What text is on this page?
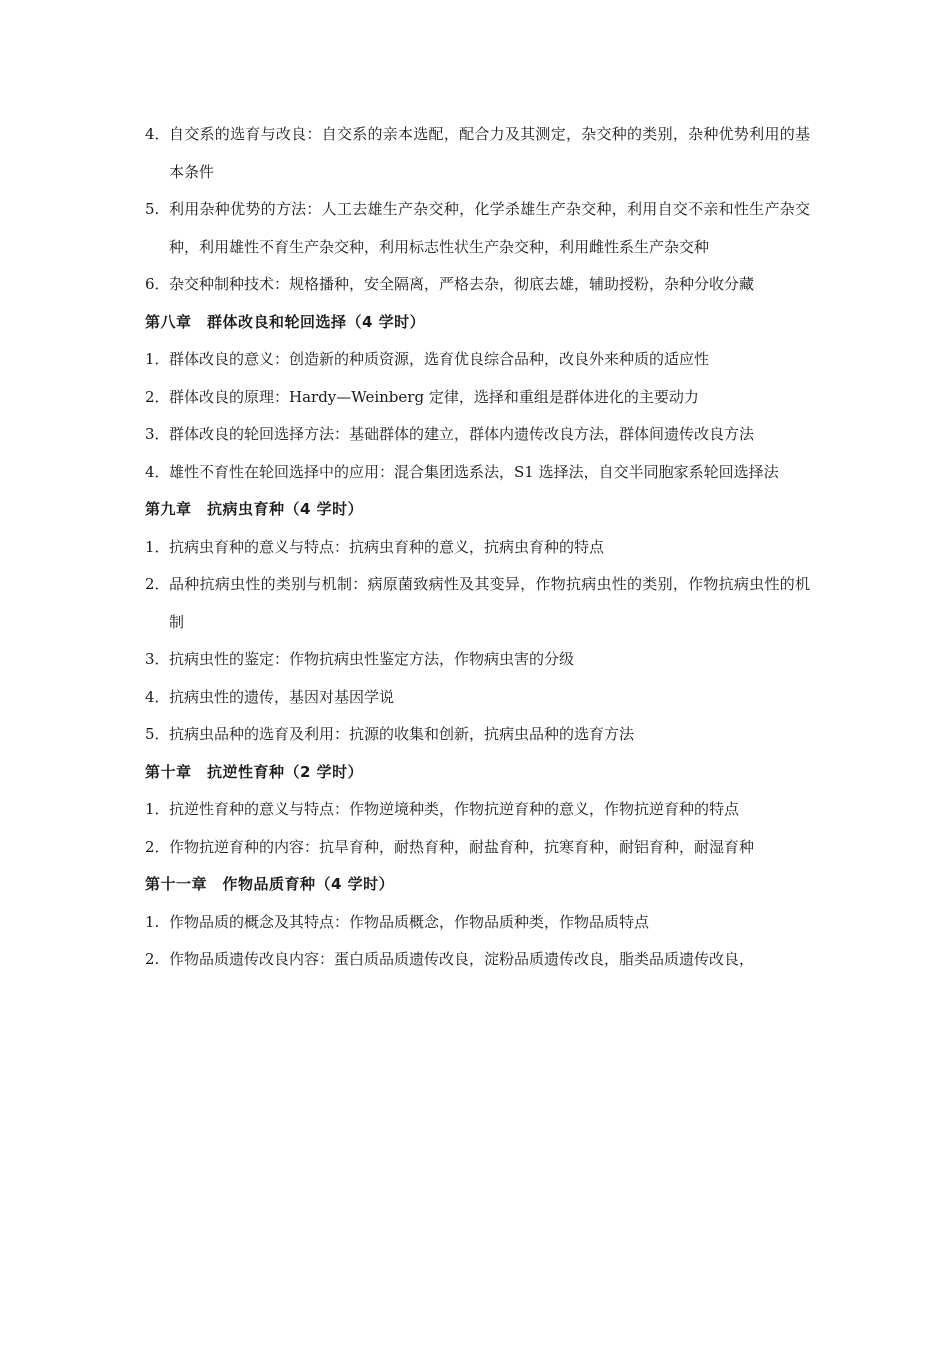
4． 自交系的选育与改良：自交系的亲本选配，配合力及其测定，杂交种的类别，杂种优势利用的基本条件
5. 利用杂种优势的方法：人工去雄生产杂交种，化学杀雄生产杂交种，利用自交不亲和性生产杂交种，利用雄性不育生产杂交种，利用标志性状生产杂交种，利用雌性系生产杂交种
6． 杂交种制种技术：规格播种，安全隔离，严格去杂，彻底去雄，辅助授粉，杂种分收分藏
第八章　群体改良和轮回选择（4 学时）
1． 群体改良的意义：创造新的种质资源，选育优良综合品种，改良外来种质的适应性
2． 群体改良的原理：Hardy—Weinberg 定律，选择和重组是群体进化的主要动力
3． 群体改良的轮回选择方法：基础群体的建立，群体内遗传改良方法，群体间遗传改良方法
4． 雄性不育性在轮回选择中的应用：混合集团选系法，S1 选择法，自交半同胞家系轮回选择法
第九章　抗病虫育种（4 学时）
1． 抗病虫育种的意义与特点：抗病虫育种的意义，抗病虫育种的特点
2． 品种抗病虫性的类别与机制：病原菌致病性及其变异，作物抗病虫性的类别，作物抗病虫性的机制
3． 抗病虫性的鉴定：作物抗病虫性鉴定方法，作物病虫害的分级
4． 抗病虫性的遗传，基因对基因学说
5． 抗病虫品种的选育及利用：抗源的收集和创新，抗病虫品种的选育方法
第十章　抗逆性育种（2 学时）
1． 抗逆性育种的意义与特点：作物逆境种类，作物抗逆育种的意义，作物抗逆育种的特点
2． 作物抗逆育种的内容：抗旱育种，耐热育种，耐盐育种，抗寒育种，耐铝育种，耐湿育种
第十一章　作物品质育种（4 学时）
1. 作物品质的概念及其特点：作物品质概念，作物品质种类，作物品质特点
2. 作物品质遗传改良内容：蛋白质品质遗传改良，淀粉品质遗传改良，脂类品质遗传改良，
